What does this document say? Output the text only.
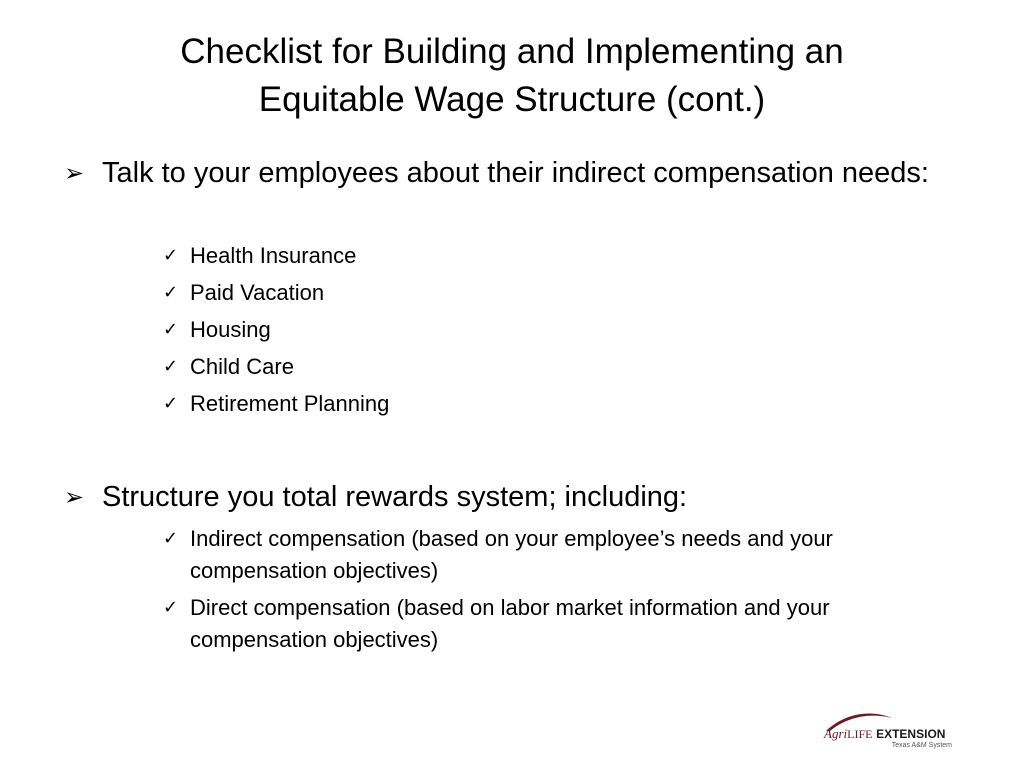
Checklist for Building and Implementing an
Equitable Wage Structure (cont.)
➢ Talk to your employees about their indirect compensation needs:
✓ Health Insurance
✓ Paid Vacation
✓ Housing
✓ Child Care
✓ Retirement Planning
➢ Structure you total rewards system; including:
✓ Indirect compensation (based on your employee’s needs and your compensation objectives)
✓ Direct compensation (based on labor market information and your compensation objectives)
AgriLIFE EXTENSION
Texas A&M System
